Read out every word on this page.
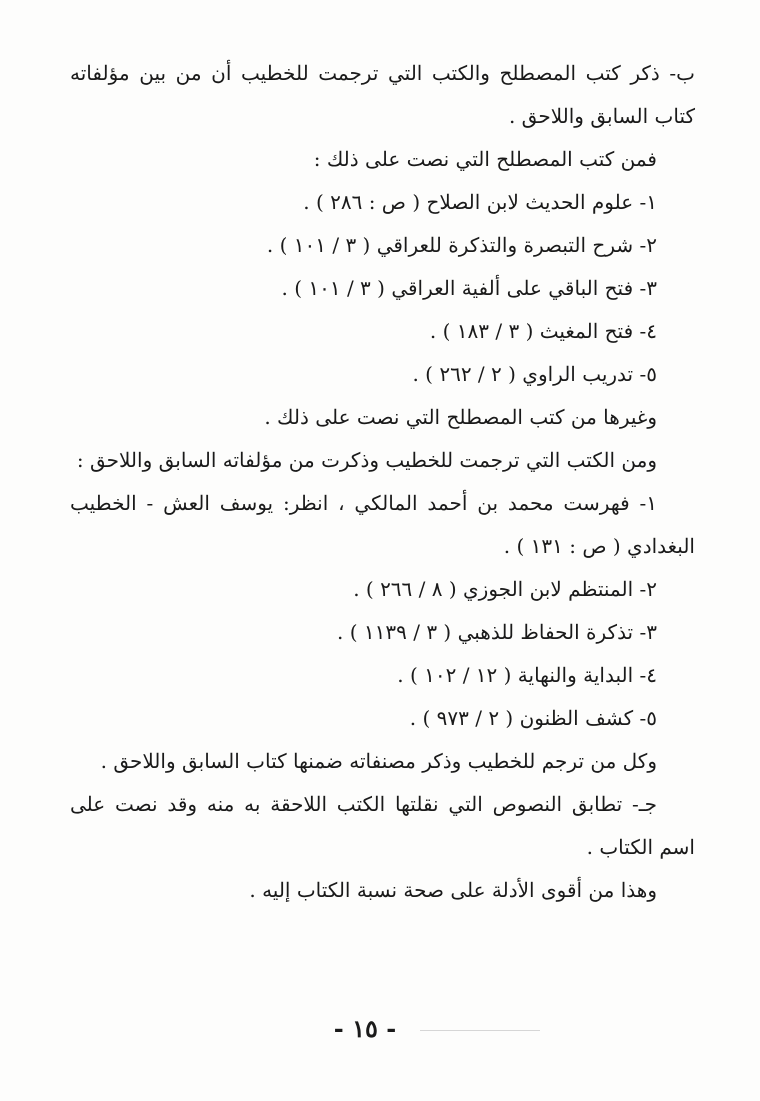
ب- ذكر كتب المصطلح والكتب التي ترجمت للخطيب أن من بين مؤلفاته
كتاب السابق واللاحق .
فمن كتب المصطلح التي نصت على ذلك :
١- علوم الحديث لابن الصلاح ( ص : ٢٨٦ ) .
٢- شرح التبصرة والتذكرة للعراقي ( ٣ / ١٠١ ) .
٣- فتح الباقي على ألفية العراقي ( ٣ / ١٠١ ) .
٤- فتح المغيث ( ٣ / ١٨٣ ) .
٥- تدريب الراوي ( ٢ / ٢٦٢ ) .
وغيرها من كتب المصطلح التي نصت على ذلك .
ومن الكتب التي ترجمت للخطيب وذكرت من مؤلفاته السابق واللاحق :
١- فهرست محمد بن أحمد المالكي ، انظر: يوسف العش - الخطيب
البغدادي ( ص : ١٣١ ) .
٢- المنتظم لابن الجوزي ( ٨ / ٢٦٦ ) .
٣- تذكرة الحفاظ للذهبي ( ٣ / ١١٣٩ ) .
٤- البداية والنهاية ( ١٢ / ١٠٢ ) .
٥- كشف الظنون ( ٢ / ٩٧٣ ) .
وكل من ترجم للخطيب وذكر مصنفاته ضمنها كتاب السابق واللاحق .
جـ- تطابق النصوص التي نقلتها الكتب اللاحقة به منه وقد نصت على
اسم الكتاب .
وهذا من أقوى الأدلة على صحة نسبة الكتاب إليه .
- ١٥ -
